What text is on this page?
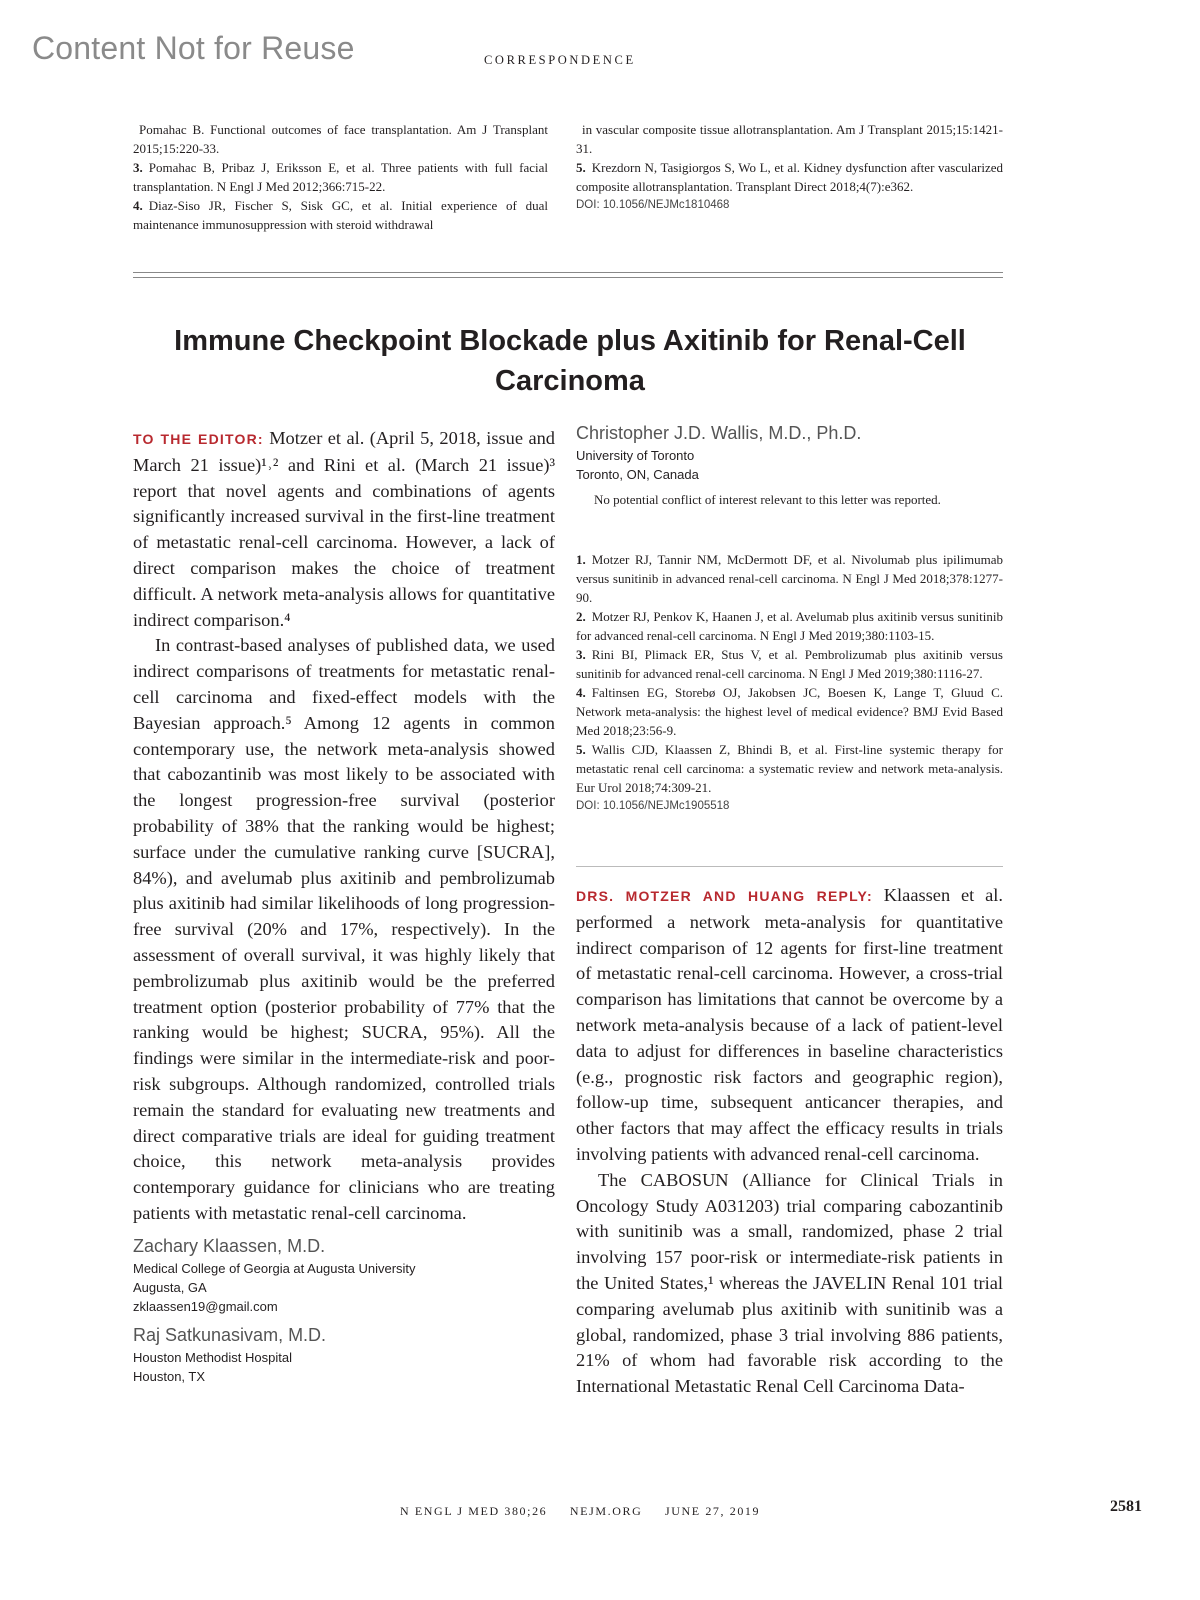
Content Not for Reuse	CORRESPONDENCE

Pomahac B. Functional outcomes of face transplantation. Am J Transplant 2015;15:220-33.

3. Pomahac B, Pribaz J, Eriksson E, et al. Three patients with full facial transplantation. N Engl J Med 2012;366:715-22.

4. Diaz-Siso JR, Fischer S, Sisk GC, et al. Initial experience of dual maintenance immunosuppression with steroid withdrawal

in vascular composite tissue allotransplantation. Am J Transplant 2015;15:1421-31.

5. Krezdorn N, Tasigiorgos S, Wo L, et al. Kidney dysfunction after vascularized composite allotransplantation. Transplant Direct 2018;4(7):e362.

DOI: 10.1056/NEJMc1810468

Immune Checkpoint Blockade plus Axitinib for Renal-Cell Carcinoma

TO THE EDITOR: Motzer et al. (April 5, 2018, issue and March 21 issue)¹˒² and Rini et al. (March 21 issue)³ report that novel agents and combinations of agents significantly increased survival in the first-line treatment of metastatic renal-cell carcinoma. However, a lack of direct comparison makes the choice of treatment difficult. A network meta-analysis allows for quantitative indirect comparison.⁴

In contrast-based analyses of published data, we used indirect comparisons of treatments for metastatic renal-cell carcinoma and fixed-effect models with the Bayesian approach.⁵ Among 12 agents in common contemporary use, the network meta-analysis showed that cabozantinib was most likely to be associated with the longest progression-free survival (posterior probability of 38% that the ranking would be highest; surface under the cumulative ranking curve [SUCRA], 84%), and avelumab plus axitinib and pembrolizumab plus axitinib had similar likelihoods of long progression-free survival (20% and 17%, respectively). In the assessment of overall survival, it was highly likely that pembrolizumab plus axitinib would be the preferred treatment option (posterior probability of 77% that the ranking would be highest; SUCRA, 95%). All the findings were similar in the intermediate-risk and poor-risk subgroups. Although randomized, controlled trials remain the standard for evaluating new treatments and direct comparative trials are ideal for guiding treatment choice, this network meta-analysis provides contemporary guidance for clinicians who are treating patients with metastatic renal-cell carcinoma.

Zachary Klaassen, M.D.
Medical College of Georgia at Augusta University
Augusta, GA
zklaassen19@gmail.com
Raj Satkunasivam, M.D.
Houston Methodist Hospital
Houston, TX
Christopher J.D. Wallis, M.D., Ph.D.
University of Toronto
Toronto, ON, Canada

No potential conflict of interest relevant to this letter was reported.

1. Motzer RJ, Tannir NM, McDermott DF, et al. Nivolumab plus ipilimumab versus sunitinib in advanced renal-cell carcinoma. N Engl J Med 2018;378:1277-90.

2. Motzer RJ, Penkov K, Haanen J, et al. Avelumab plus axitinib versus sunitinib for advanced renal-cell carcinoma. N Engl J Med 2019;380:1103-15.

3. Rini BI, Plimack ER, Stus V, et al. Pembrolizumab plus axitinib versus sunitinib for advanced renal-cell carcinoma. N Engl J Med 2019;380:1116-27.

4. Faltinsen EG, Storebø OJ, Jakobsen JC, Boesen K, Lange T, Gluud C. Network meta-analysis: the highest level of medical evidence? BMJ Evid Based Med 2018;23:56-9.

5. Wallis CJD, Klaassen Z, Bhindi B, et al. First-line systemic therapy for metastatic renal cell carcinoma: a systematic review and network meta-analysis. Eur Urol 2018;74:309-21.

DOI: 10.1056/NEJMc1905518

DRS. MOTZER AND HUANG REPLY: Klaassen et al. performed a network meta-analysis for quantitative indirect comparison of 12 agents for first-line treatment of metastatic renal-cell carcinoma. However, a cross-trial comparison has limitations that cannot be overcome by a network meta-analysis because of a lack of patient-level data to adjust for differences in baseline characteristics (e.g., prognostic risk factors and geographic region), follow-up time, subsequent anticancer therapies, and other factors that may affect the efficacy results in trials involving patients with advanced renal-cell carcinoma.

The CABOSUN (Alliance for Clinical Trials in Oncology Study A031203) trial comparing cabozantinib with sunitinib was a small, randomized, phase 2 trial involving 157 poor-risk or intermediate-risk patients in the United States,¹ whereas the JAVELIN Renal 101 trial comparing avelumab plus axitinib with sunitinib was a global, randomized, phase 3 trial involving 886 patients, 21% of whom had favorable risk according to the International Metastatic Renal Cell Carcinoma Data-

N ENGL J MED 380;26 NEJM.ORG JUNE 27, 2019	2581
